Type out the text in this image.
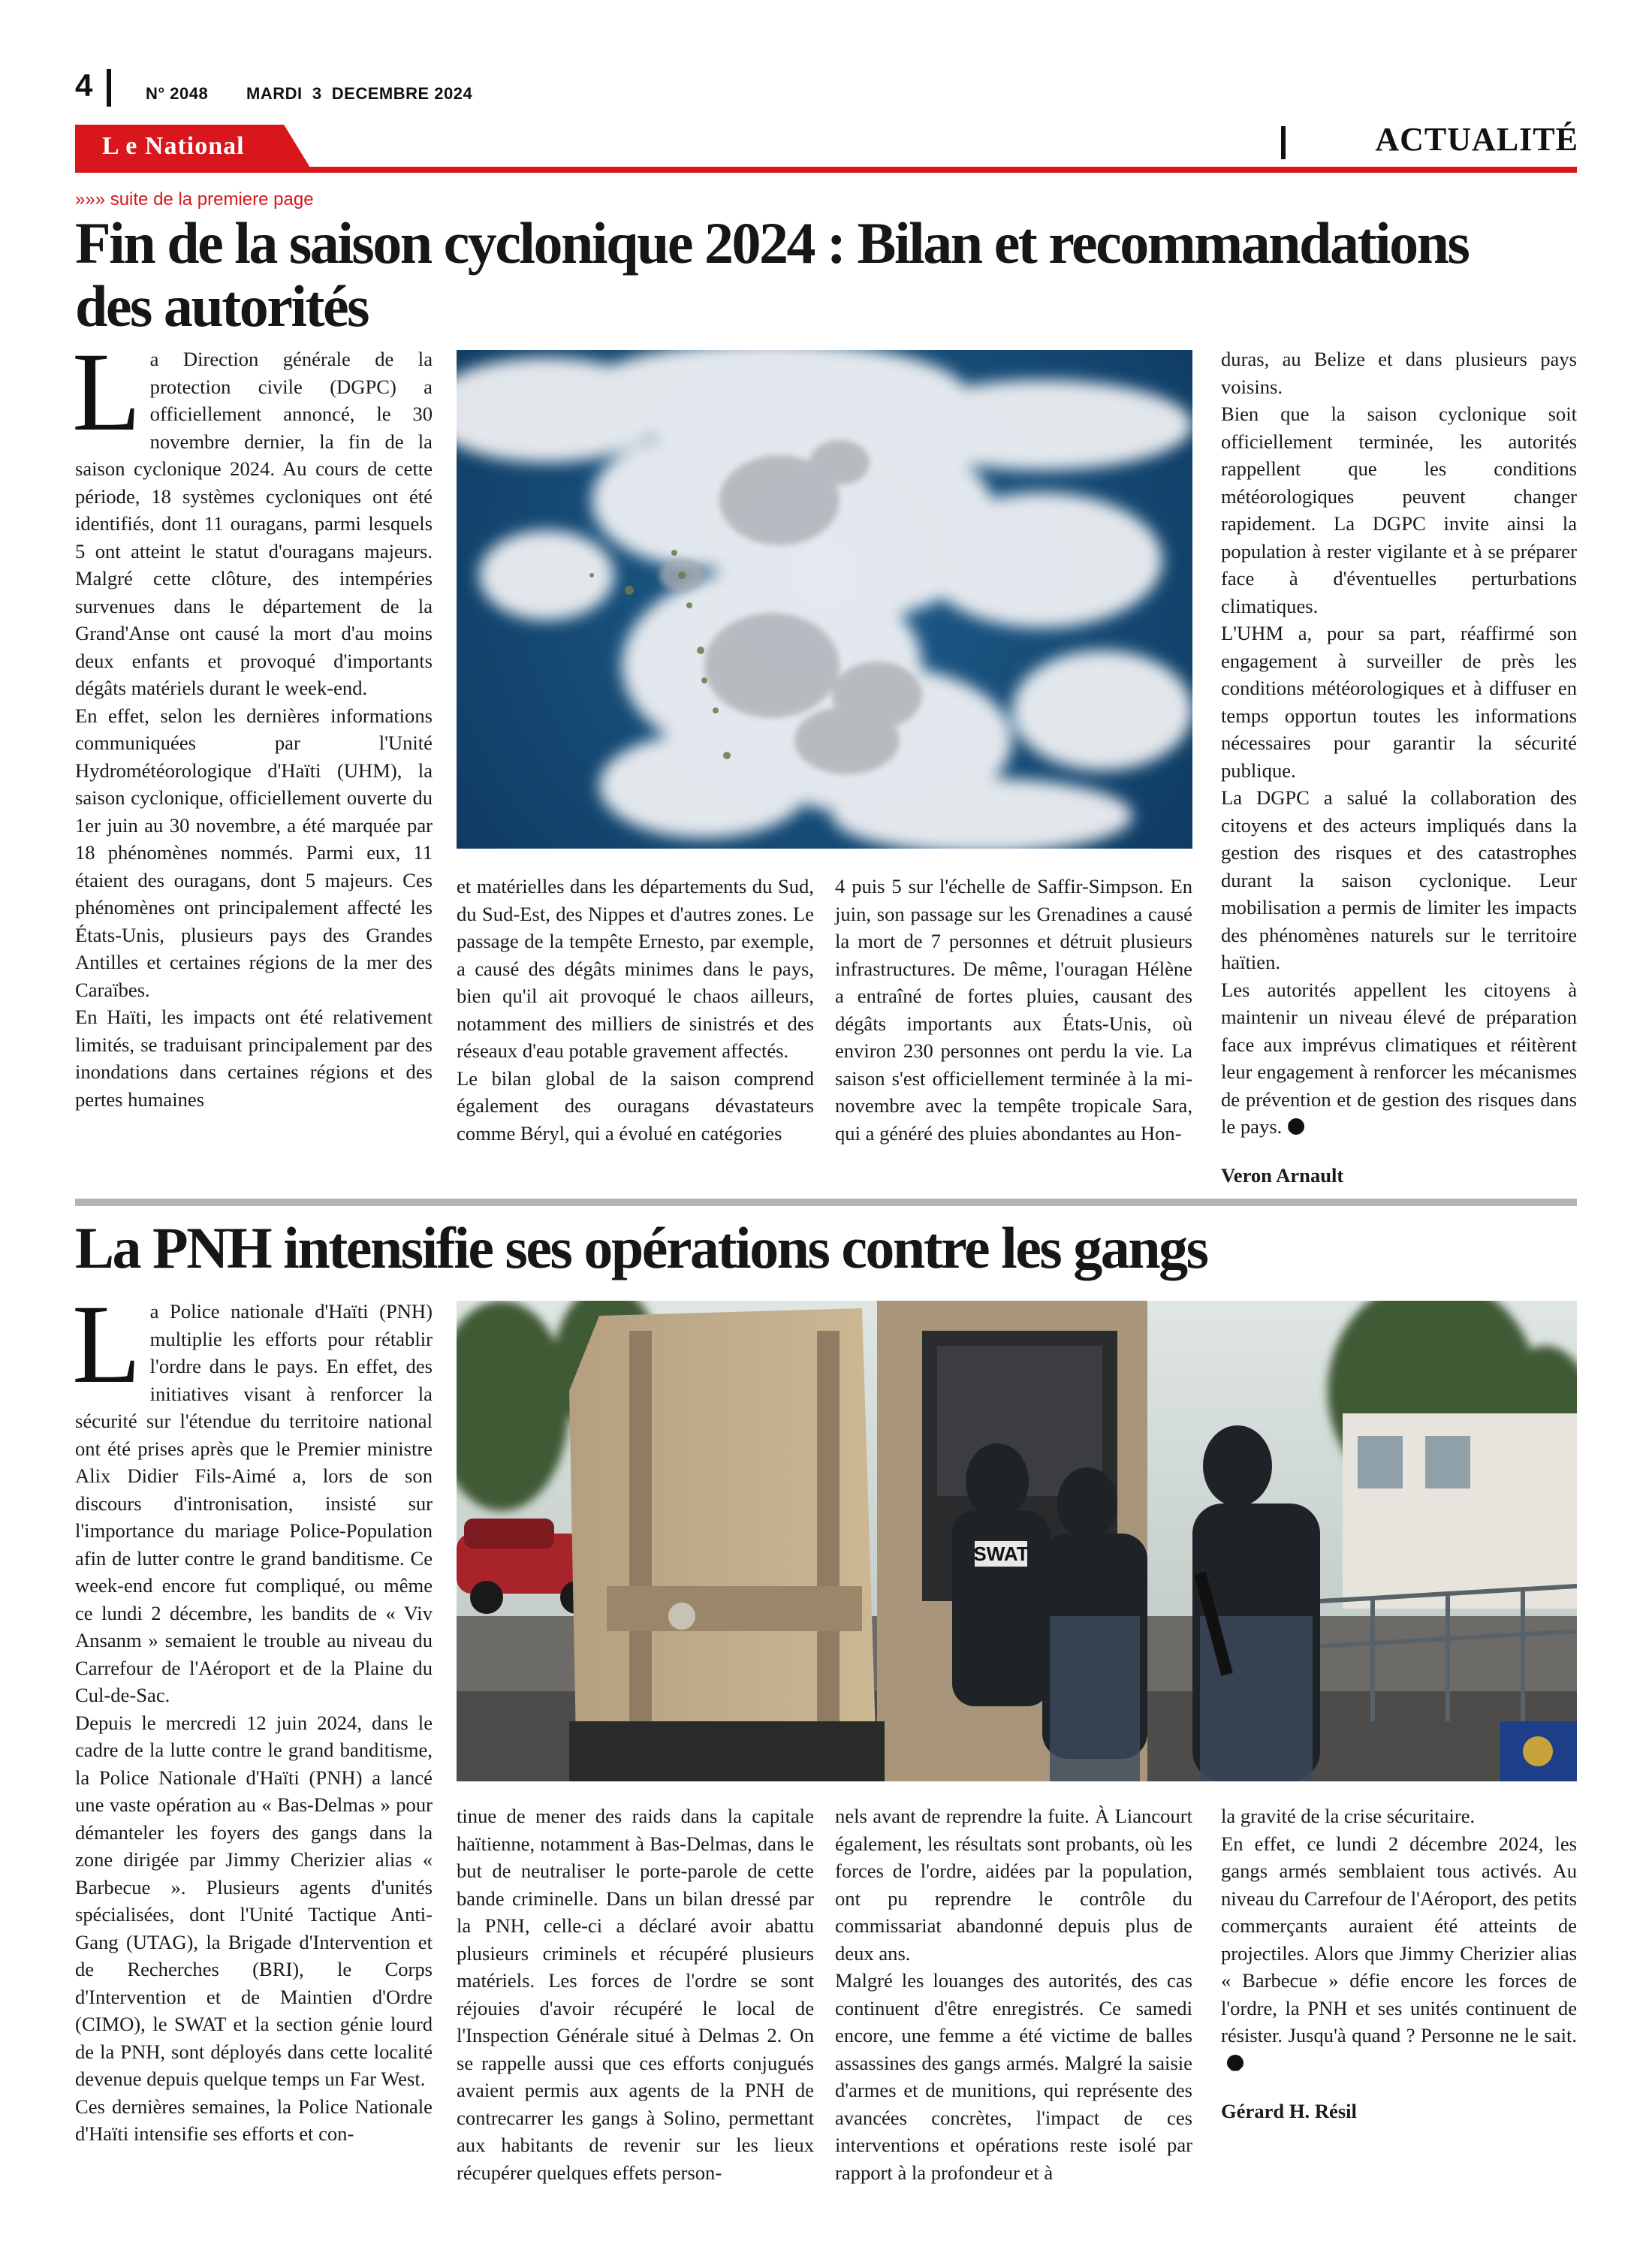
4	N° 2048 MARDI  3  DECEMBRE 2024
L e National	ACTUALITÉ
»»» suite de la premiere page
Fin de la saison cyclonique 2024 : Bilan et recommandations
des autorités

La Direction générale de la protection civile (DGPC) a officiellement annoncé, le 30 novembre dernier, la fin de la saison cyclonique 2024. Au cours de cette période, 18 systèmes cycloniques ont été identifiés, dont 11 ouragans, parmi lesquels 5 ont atteint le statut d'ouragans majeurs. Malgré cette clôture, des intempéries survenues dans le département de la Grand'Anse ont causé la mort d'au moins deux enfants et provoqué d'importants dégâts matériels durant le week-end.

En effet, selon les dernières informations communiquées par l'Unité Hydrométéorologique d'Haïti (UHM), la saison cyclonique, officiellement ouverte du 1er juin au 30 novembre, a été marquée par 18 phénomènes nommés. Parmi eux, 11 étaient des ouragans, dont 5 majeurs. Ces phénomènes ont principalement affecté les États-Unis, plusieurs pays des Grandes Antilles et certaines régions de la mer des Caraïbes.

En Haïti, les impacts ont été relativement limités, se traduisant principalement par des inondations dans certaines régions et des pertes humaines

et matérielles dans les départements du Sud, du Sud-Est, des Nippes et d'autres zones. Le passage de la tempête Ernesto, par exemple, a causé des dégâts minimes dans le pays, bien qu'il ait provoqué le chaos ailleurs, notamment des milliers de sinistrés et des réseaux d'eau potable gravement affectés.

Le bilan global de la saison comprend également des ouragans dévastateurs comme Béryl, qui a évolué en catégories

4 puis 5 sur l'échelle de Saffir-Simpson. En juin, son passage sur les Grenadines a causé la mort de 7 personnes et détruit plusieurs infrastructures. De même, l'ouragan Hélène a entraîné de fortes pluies, causant des dégâts importants aux États-Unis, où environ 230 personnes ont perdu la vie. La saison s'est officiellement terminée à la mi-novembre avec la tempête tropicale Sara, qui a généré des pluies abondantes au Hon-

duras, au Belize et dans plusieurs pays voisins.

Bien que la saison cyclonique soit officiellement terminée, les autorités rappellent que les conditions météorologiques peuvent changer rapidement. La DGPC invite ainsi la population à rester vigilante et à se préparer face à d'éventuelles perturbations climatiques.

L'UHM a, pour sa part, réaffirmé son engagement à surveiller de près les conditions météorologiques et à diffuser en temps opportun toutes les informations nécessaires pour garantir la sécurité publique.

La DGPC a salué la collaboration des citoyens et des acteurs impliqués dans la gestion des risques et des catastrophes durant la saison cyclonique. Leur mobilisation a permis de limiter les impacts des phénomènes naturels sur le territoire haïtien.

Les autorités appellent les citoyens à maintenir un niveau élevé de préparation face aux imprévus climatiques et réitèrent leur engagement à renforcer les mécanismes de prévention et de gestion des risques dans le pays.

Veron Arnault

La PNH intensifie ses opérations contre les gangs

La Police nationale d'Haïti (PNH) multiplie les efforts pour rétablir l'ordre dans le pays. En effet, des initiatives visant à renforcer la sécurité sur l'étendue du territoire national ont été prises après que le Premier ministre Alix Didier Fils-Aimé a, lors de son discours d'intronisation, insisté sur l'importance du mariage Police-Population afin de lutter contre le grand banditisme. Ce week-end encore fut compliqué, ou même ce lundi 2 décembre, les bandits de « Viv Ansanm » semaient le trouble au niveau du Carrefour de l'Aéroport et de la Plaine du Cul-de-Sac.

Depuis le mercredi 12 juin 2024, dans le cadre de la lutte contre le grand banditisme, la Police Nationale d'Haïti (PNH) a lancé une vaste opération au « Bas-Delmas » pour démanteler les foyers des gangs dans la zone dirigée par Jimmy Cherizier alias « Barbecue ». Plusieurs agents d'unités spécialisées, dont l'Unité Tactique Anti-Gang (UTAG), la Brigade d'Intervention et de Recherches (BRI), le Corps d'Intervention et de Maintien d'Ordre (CIMO), le SWAT et la section génie lourd de la PNH, sont déployés dans cette localité devenue depuis quelque temps un Far West.

Ces dernières semaines, la Police Nationale d'Haïti intensifie ses efforts et con-

SWAT

tinue de mener des raids dans la capitale haïtienne, notamment à Bas-Delmas, dans le but de neutraliser le porte-parole de cette bande criminelle. Dans un bilan dressé par la PNH, celle-ci a déclaré avoir abattu plusieurs criminels et récupéré plusieurs matériels. Les forces de l'ordre se sont réjouies d'avoir récupéré le local de l'Inspection Générale situé à Delmas 2. On se rappelle aussi que ces efforts conjugués avaient permis aux agents de la PNH de contrecarrer les gangs à Solino, permettant aux habitants de revenir sur les lieux récupérer quelques effets person-

nels avant de reprendre la fuite. À Liancourt également, les résultats sont probants, où les forces de l'ordre, aidées par la population, ont pu reprendre le contrôle du commissariat abandonné depuis plus de deux ans.

Malgré les louanges des autorités, des cas continuent d'être enregistrés. Ce samedi encore, une femme a été victime de balles assassines des gangs armés. Malgré la saisie d'armes et de munitions, qui représente des avancées concrètes, l'impact de ces interventions et opérations reste isolé par rapport à la profondeur et à

la gravité de la crise sécuritaire.

En effet, ce lundi 2 décembre 2024, les gangs armés semblaient tous activés. Au niveau du Carrefour de l'Aéroport, des petits commerçants auraient été atteints de projectiles. Alors que Jimmy Cherizier alias « Barbecue » défie encore les forces de l'ordre, la PNH et ses unités continuent de résister. Jusqu'à quand ? Personne ne le sait.

Gérard H. Résil
